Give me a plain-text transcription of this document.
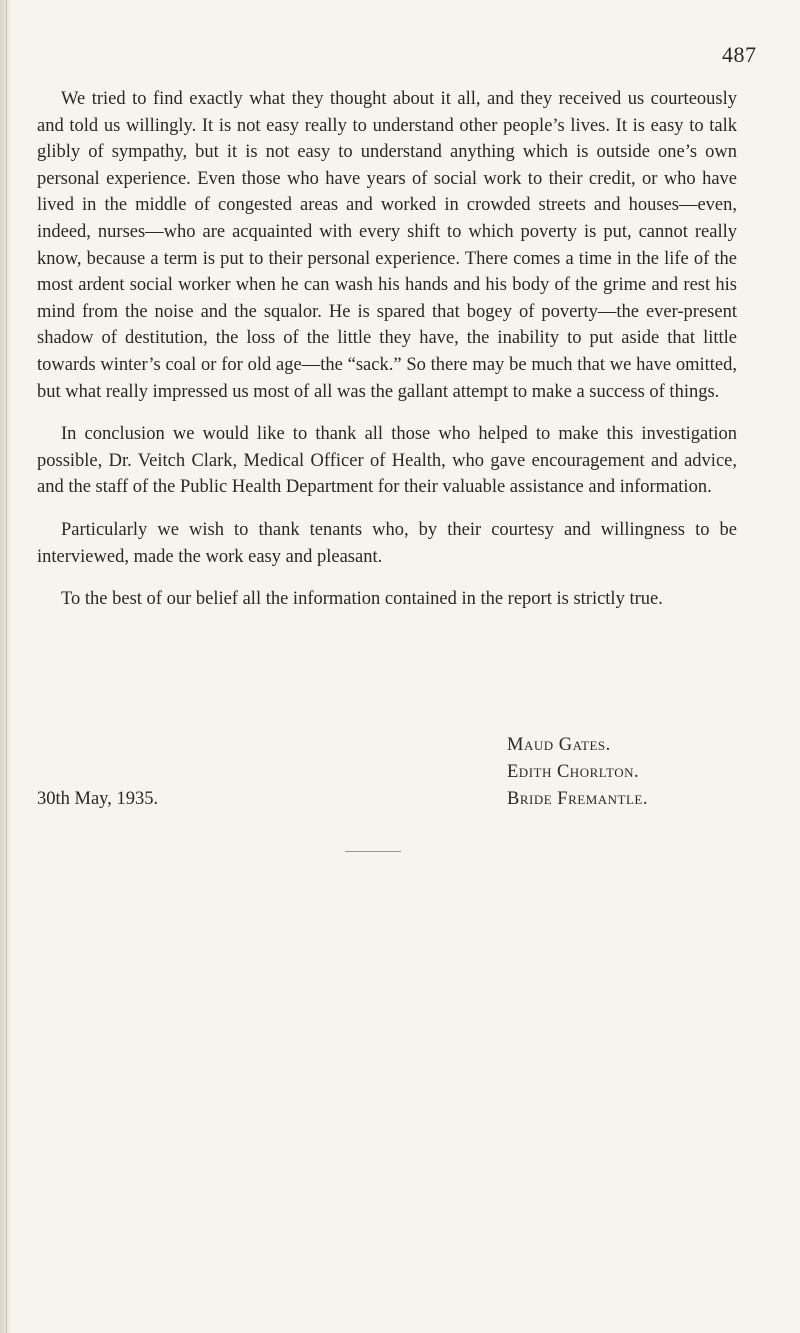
487

We tried to find exactly what they thought about it all, and they received us courteously and told us willingly. It is not easy really to understand other people’s lives. It is easy to talk glibly of sympathy, but it is not easy to understand anything which is outside one’s own personal experience. Even those who have years of social work to their credit, or who have lived in the middle of congested areas and worked in crowded streets and houses—even, indeed, nurses—who are acquainted with every shift to which poverty is put, cannot really know, because a term is put to their personal experience. There comes a time in the life of the most ardent social worker when he can wash his hands and his body of the grime and rest his mind from the noise and the squalor. He is spared that bogey of poverty—the ever-present shadow of destitution, the loss of the little they have, the inability to put aside that little towards winter’s coal or for old age—the “sack.” So there may be much that we have omitted, but what really impressed us most of all was the gallant attempt to make a success of things.

In conclusion we would like to thank all those who helped to make this investigation possible, Dr. Veitch Clark, Medical Officer of Health, who gave encouragement and advice, and the staff of the Public Health Department for their valuable assistance and information.

Particularly we wish to thank tenants who, by their courtesy and willingness to be interviewed, made the work easy and pleasant.

To the best of our belief all the information contained in the report is strictly true.

Maud Gates.
Edith Chorlton.
Bride Fremantle.
30th May, 1935.
